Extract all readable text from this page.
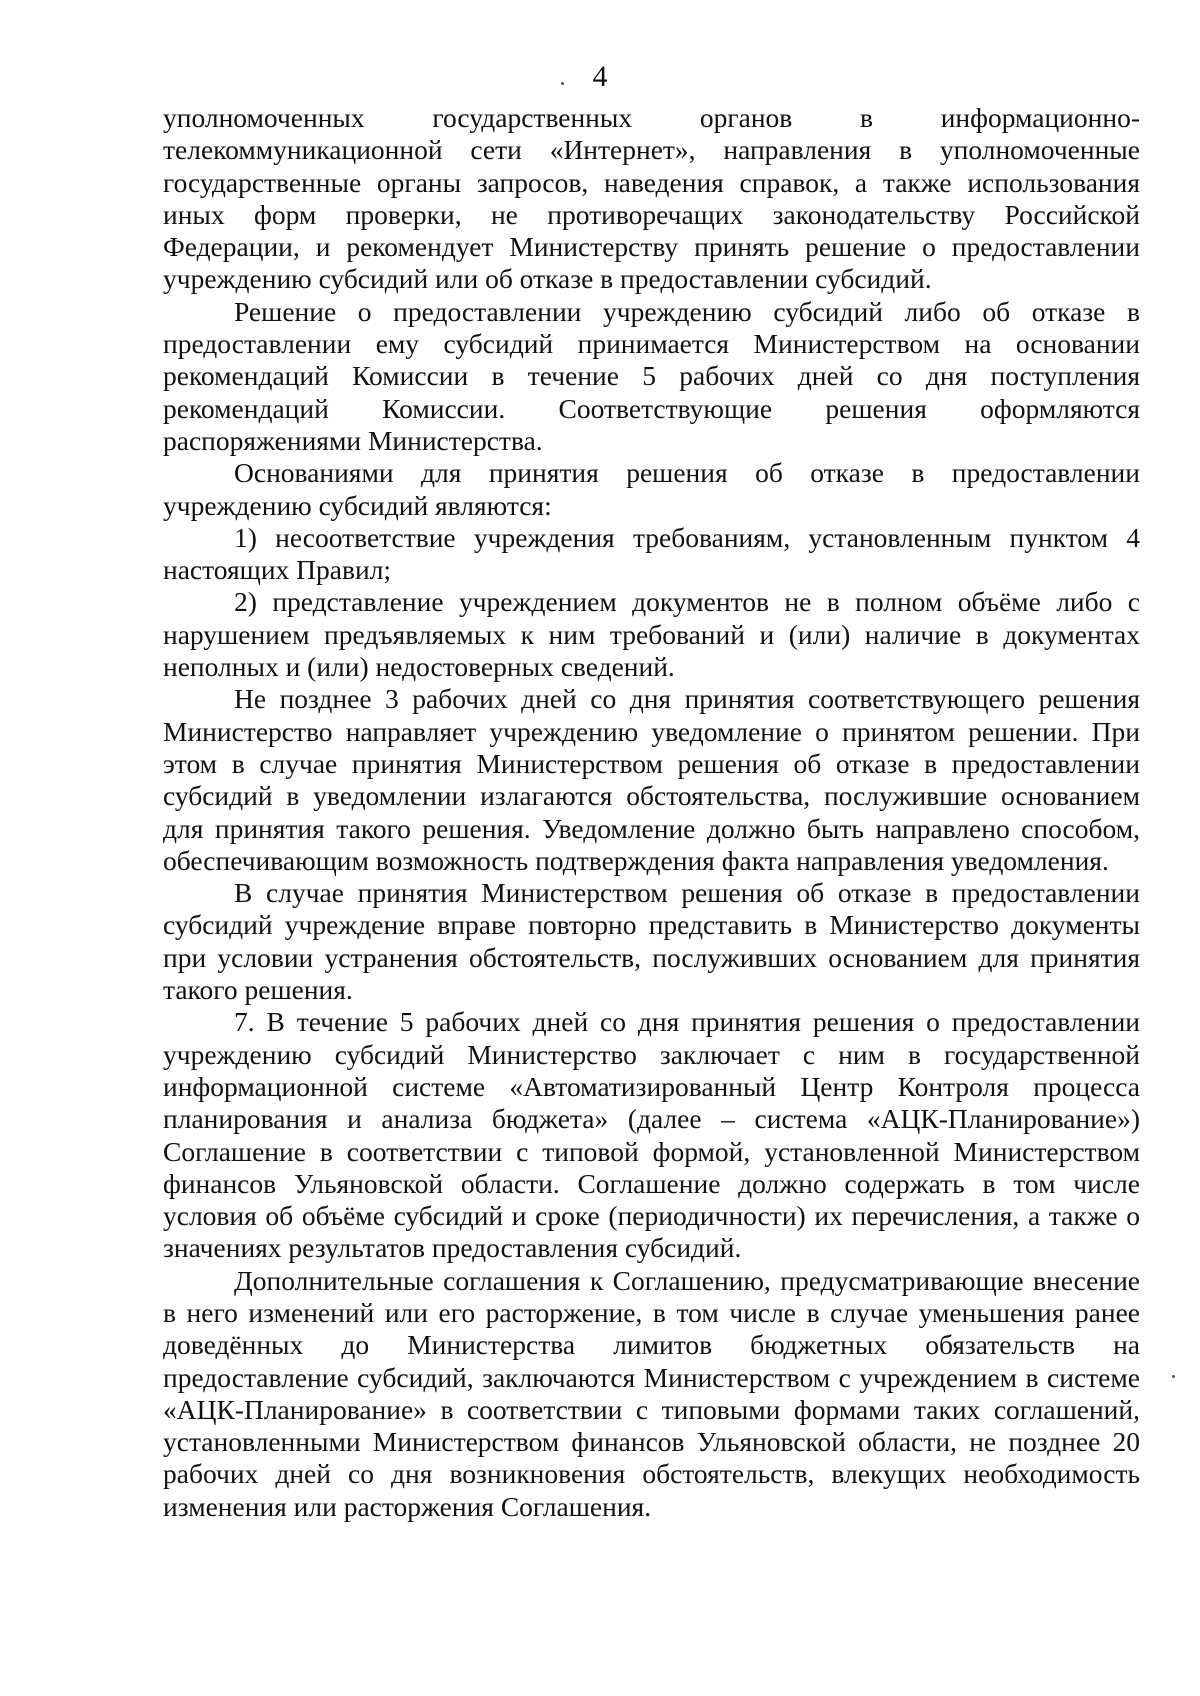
4

уполномоченных государственных органов в информационно-телекоммуникационной сети «Интернет», направления в уполномоченные государственные органы запросов, наведения справок, а также использования иных форм проверки, не противоречащих законодательству Российской Федерации, и рекомендует Министерству принять решение о предоставлении учреждению субсидий или об отказе в предоставлении субсидий.

Решение о предоставлении учреждению субсидий либо об отказе в предоставлении ему субсидий принимается Министерством на основании рекомендаций Комиссии в течение 5 рабочих дней со дня поступления рекомендаций Комиссии. Соответствующие решения оформляются распоряжениями Министерства.

Основаниями для принятия решения об отказе в предоставлении учреждению субсидий являются:

1) несоответствие учреждения требованиям, установленным пунктом 4 настоящих Правил;

2) представление учреждением документов не в полном объёме либо с нарушением предъявляемых к ним требований и (или) наличие в документах неполных и (или) недостоверных сведений.

Не позднее 3 рабочих дней со дня принятия соответствующего решения Министерство направляет учреждению уведомление о принятом решении. При этом в случае принятия Министерством решения об отказе в предоставлении субсидий в уведомлении излагаются обстоятельства, послужившие основанием для принятия такого решения. Уведомление должно быть направлено способом, обеспечивающим возможность подтверждения факта направления уведомления.

В случае принятия Министерством решения об отказе в предоставлении субсидий учреждение вправе повторно представить в Министерство документы при условии устранения обстоятельств, послуживших основанием для принятия такого решения.

7. В течение 5 рабочих дней со дня принятия решения о предоставлении учреждению субсидий Министерство заключает с ним в государственной информационной системе «Автоматизированный Центр Контроля процесса планирования и анализа бюджета» (далее – система «АЦК-Планирование») Соглашение в соответствии с типовой формой, установленной Министерством финансов Ульяновской области. Соглашение должно содержать в том числе условия об объёме субсидий и сроке (периодичности) их перечисления, а также о значениях результатов предоставления субсидий.

Дополнительные соглашения к Соглашению, предусматривающие внесение в него изменений или его расторжение, в том числе в случае уменьшения ранее доведённых до Министерства лимитов бюджетных обязательств на предоставление субсидий, заключаются Министерством с учреждением в системе «АЦК-Планирование» в соответствии с типовыми формами таких соглашений, установленными Министерством финансов Ульяновской области, не позднее 20 рабочих дней со дня возникновения обстоятельств, влекущих необходимость изменения или расторжения Соглашения.
